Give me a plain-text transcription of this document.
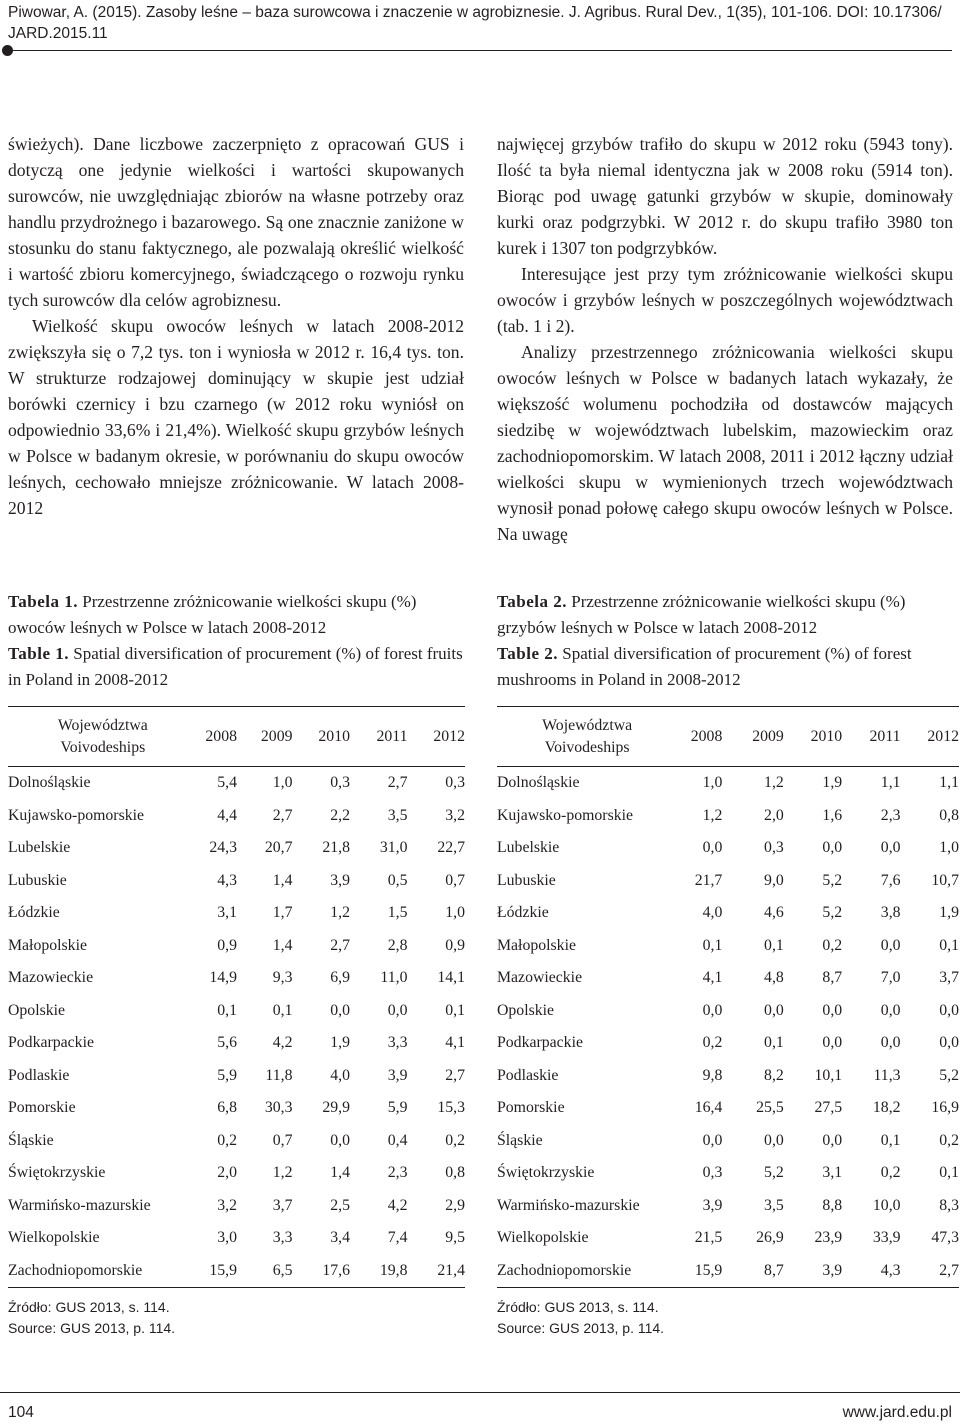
Piwowar, A. (2015). Zasoby leśne – baza surowcowa i znaczenie w agrobiznesie. J. Agribus. Rural Dev., 1(35), 101-106. DOI: 10.17306/ JARD.2015.11

świeżych). Dane liczbowe zaczerpnięto z opracowań GUS i dotyczą one jedynie wielkości i wartości skupowanych surowców, nie uwzględniając zbiorów na własne potrzeby oraz handlu przydrożnego i bazarowego. Są one znacznie zaniżone w stosunku do stanu faktycznego, ale pozwalają określić wielkość i wartość zbioru komercyjnego, świadczącego o rozwoju rynku tych surowców dla celów agrobiznesu.

Wielkość skupu owoców leśnych w latach 2008-2012 zwiększyła się o 7,2 tys. ton i wyniosła w 2012 r. 16,4 tys. ton. W strukturze rodzajowej dominujący w skupie jest udział borówki czernicy i bzu czarnego (w 2012 roku wyniósł on odpowiednio 33,6% i 21,4%). Wielkość skupu grzybów leśnych w Polsce w badanym okresie, w porównaniu do skupu owoców leśnych, cechowało mniejsze zróżnicowanie. W latach 2008-2012

najwięcej grzybów trafiło do skupu w 2012 roku (5943 tony). Ilość ta była niemal identyczna jak w 2008 roku (5914 ton). Biorąc pod uwagę gatunki grzybów w skupie, dominowały kurki oraz podgrzybki. W 2012 r. do skupu trafiło 3980 ton kurek i 1307 ton podgrzybków.

Interesujące jest przy tym zróżnicowanie wielkości skupu owoców i grzybów leśnych w poszczególnych województwach (tab. 1 i 2).

Analizy przestrzennego zróżnicowania wielkości skupu owoców leśnych w Polsce w badanych latach wykazały, że większość wolumenu pochodziła od dostawców mających siedzibę w województwach lubelskim, mazowieckim oraz zachodniopomorskim. W latach 2008, 2011 i 2012 łączny udział wielkości skupu w wymienionych trzech województwach wynosił ponad połowę całego skupu owoców leśnych w Polsce. Na uwagę

Tabela 1. Przestrzenne zróżnicowanie wielkości skupu (%) owoców leśnych w Polsce w latach 2008-2012
Table 1. Spatial diversification of procurement (%) of forest fruits in Poland in 2008-2012
Tabela 2. Przestrzenne zróżnicowanie wielkości skupu (%) grzybów leśnych w Polsce w latach 2008-2012
Table 2. Spatial diversification of procurement (%) of forest mushrooms in Poland in 2008-2012
Województwa
Voivodeships	2008	2009	2010	2011	2012
Dolnośląskie	5,4	1,0	0,3	2,7	0,3
Kujawsko-pomorskie	4,4	2,7	2,2	3,5	3,2
Lubelskie	24,3	20,7	21,8	31,0	22,7
Lubuskie	4,3	1,4	3,9	0,5	0,7
Łódzkie	3,1	1,7	1,2	1,5	1,0
Małopolskie	0,9	1,4	2,7	2,8	0,9
Mazowieckie	14,9	9,3	6,9	11,0	14,1
Opolskie	0,1	0,1	0,0	0,0	0,1
Podkarpackie	5,6	4,2	1,9	3,3	4,1
Podlaskie	5,9	11,8	4,0	3,9	2,7
Pomorskie	6,8	30,3	29,9	5,9	15,3
Śląskie	0,2	0,7	0,0	0,4	0,2
Świętokrzyskie	2,0	1,2	1,4	2,3	0,8
Warmińsko-mazurskie	3,2	3,7	2,5	4,2	2,9
Wielkopolskie	3,0	3,3	3,4	7,4	9,5
Zachodniopomorskie	15,9	6,5	17,6	19,8	21,4
Województwa
Voivodeships	2008	2009	2010	2011	2012
Dolnośląskie	1,0	1,2	1,9	1,1	1,1
Kujawsko-pomorskie	1,2	2,0	1,6	2,3	0,8
Lubelskie	0,0	0,3	0,0	0,0	1,0
Lubuskie	21,7	9,0	5,2	7,6	10,7
Łódzkie	4,0	4,6	5,2	3,8	1,9
Małopolskie	0,1	0,1	0,2	0,0	0,1
Mazowieckie	4,1	4,8	8,7	7,0	3,7
Opolskie	0,0	0,0	0,0	0,0	0,0
Podkarpackie	0,2	0,1	0,0	0,0	0,0
Podlaskie	9,8	8,2	10,1	11,3	5,2
Pomorskie	16,4	25,5	27,5	18,2	16,9
Śląskie	0,0	0,0	0,0	0,1	0,2
Świętokrzyskie	0,3	5,2	3,1	0,2	0,1
Warmińsko-mazurskie	3,9	3,5	8,8	10,0	8,3
Wielkopolskie	21,5	26,9	23,9	33,9	47,3
Zachodniopomorskie	15,9	8,7	3,9	4,3	2,7
Źródło: GUS 2013, s. 114.
Source: GUS 2013, p. 114.
Źródło: GUS 2013, s. 114.
Source: GUS 2013, p. 114.
104	www.jard.edu.pl
